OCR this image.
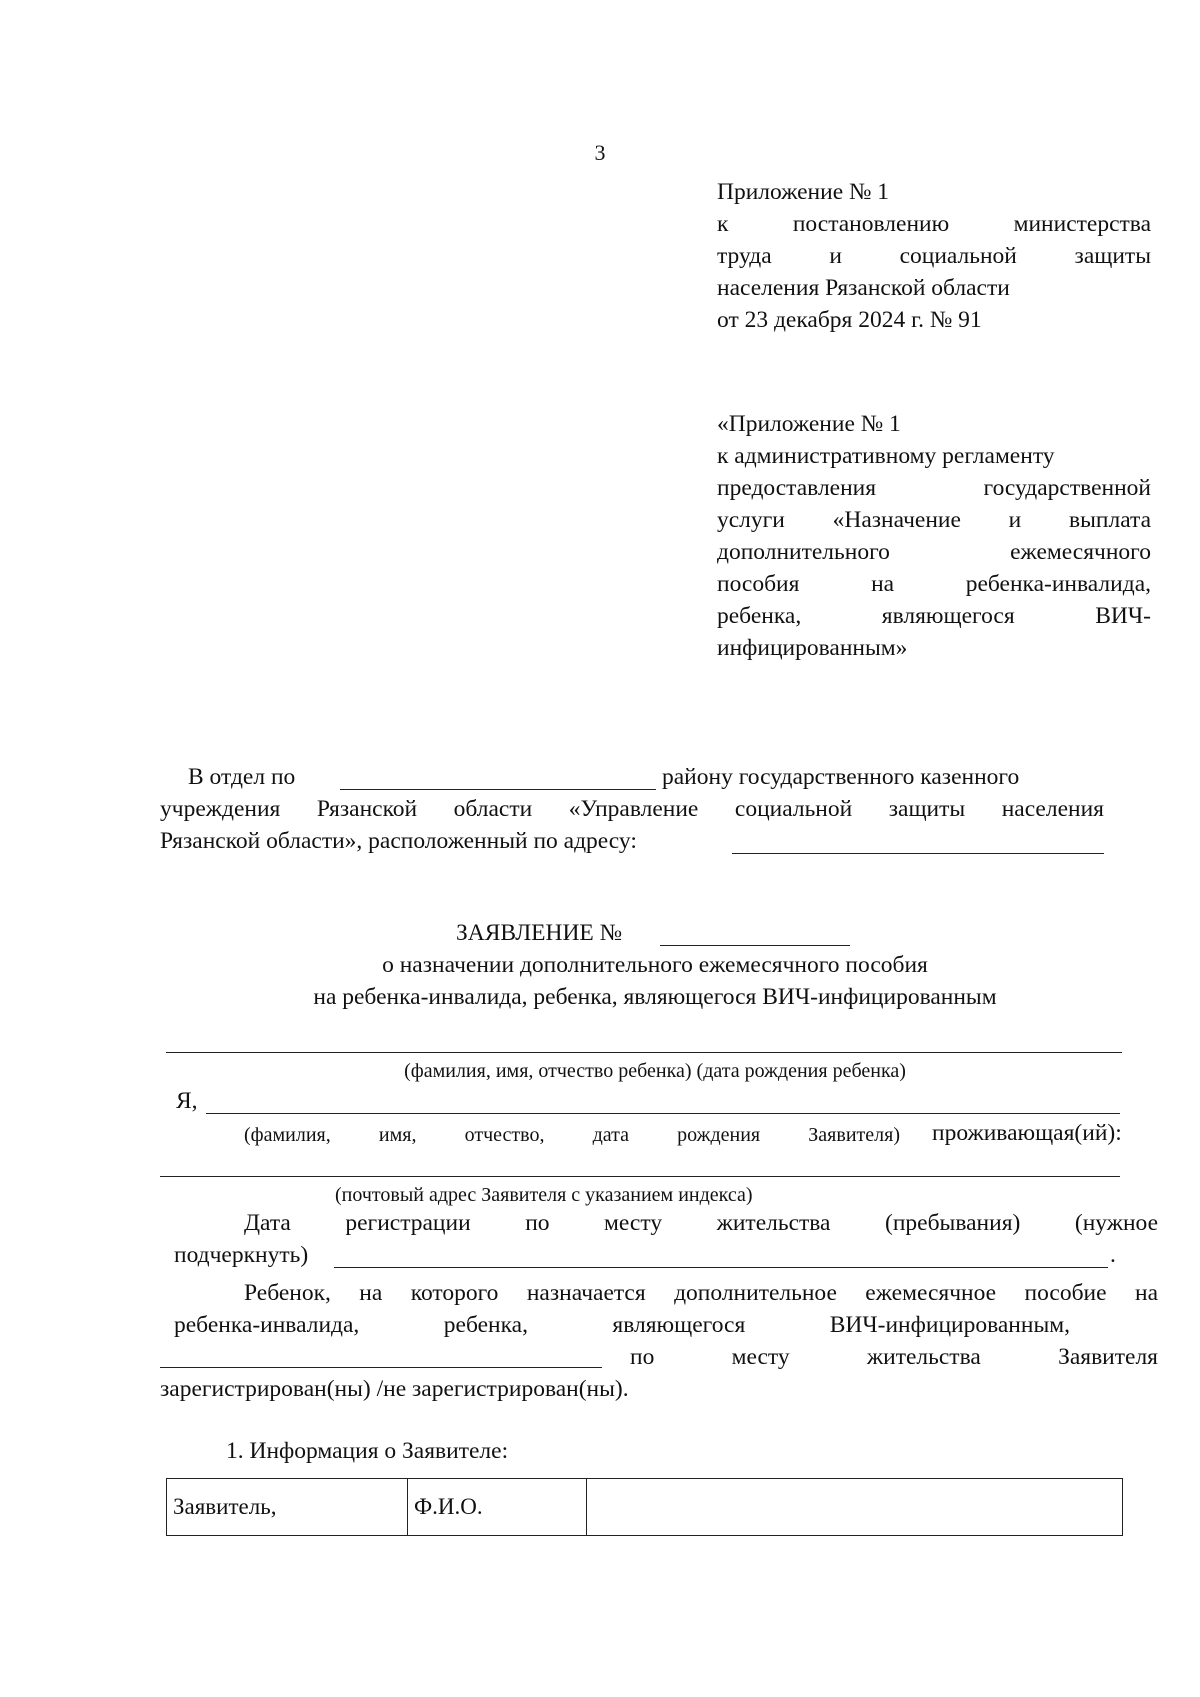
3
Приложение № 1
к постановлению министерства
труда и социальной защиты
населения Рязанской области
от 23 декабря 2024 г. № 91
«Приложение № 1
к административному регламенту
предоставления государственной
услуги «Назначение и выплата
дополнительного ежемесячного
пособия на ребенка-инвалида,
ребенка, являющегося ВИЧ-
инфицированным»
В отдел по	району государственного казенного
учреждения Рязанской области «Управление социальной защиты населения
Рязанской области», расположенный по адресу:
ЗАЯВЛЕНИЕ №
о назначении дополнительного ежемесячного пособия
на ребенка-инвалида, ребенка, являющегося ВИЧ-инфицированным
(фамилия, имя, отчество ребенка) (дата рождения ребенка)
Я,
(фамилия, имя, отчество, дата рождения Заявителя) проживающая(ий):
(почтовый адрес Заявителя с указанием индекса)
Дата регистрации по месту жительства (пребывания) (нужное
подчеркнуть)	.
Ребенок, на которого назначается дополнительное ежемесячное пособие на
ребенка-инвалида, ребенка, являющегося ВИЧ-инфицированным,
по месту жительства Заявителя
зарегистрирован(ны) /не зарегистрирован(ны).
1. Информация о Заявителе:
Заявитель,	Ф.И.О.	
